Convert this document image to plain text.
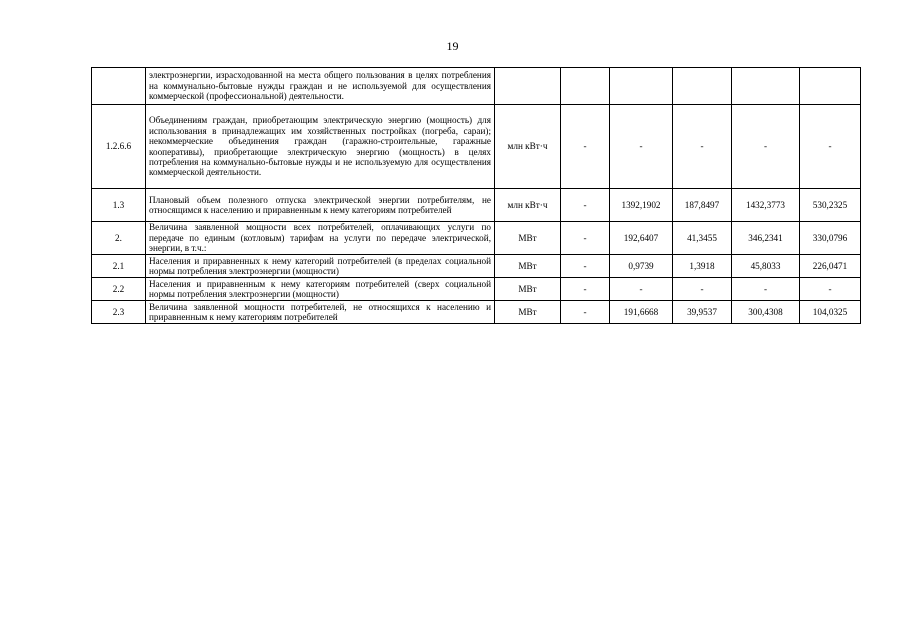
19
	электроэнергии, израсходованной на места общего пользования в целях потребления на коммунально-бытовые нужды граждан и не используемой для осуществления коммерческой (профессиональной) деятельности.						
1.2.6.6	Объединениям граждан, приобретающим электрическую энергию (мощность) для использования в принадлежащих им хозяйственных постройках (погреба, сараи); некоммерческие объединения граждан (гаражно-строительные, гаражные кооперативы), приобретающие электрическую энергию (мощность) в целях потребления на коммунально-бытовые нужды и не используемую для осуществления коммерческой деятельности.	млн кВт·ч	-	-	-	-	-
1.3	Плановый объем полезного отпуска электрической энергии потребителям, не относящимся к населению и приравненным к нему категориям потребителей	млн кВт·ч	-	1392,1902	187,8497	1432,3773	530,2325
2.	Величина заявленной мощности всех потребителей, оплачивающих услуги по передаче по единым (котловым) тарифам на услуги по передаче электрической, энергии, в т.ч.:	МВт	-	192,6407	41,3455	346,2341	330,0796
2.1	Населения и приравненных к нему категорий потребителей (в пределах социальной нормы потребления электроэнергии (мощности)	МВт	-	0,9739	1,3918	45,8033	226,0471
2.2	Населения и приравненным к нему категориям потребителей (сверх социальной нормы потребления электроэнергии (мощности)	МВт	-	-	-	-	-
2.3	Величина заявленной мощности потребителей, не относящихся к населению и приравненным к нему категориям потребителей	МВт	-	191,6668	39,9537	300,4308	104,0325
